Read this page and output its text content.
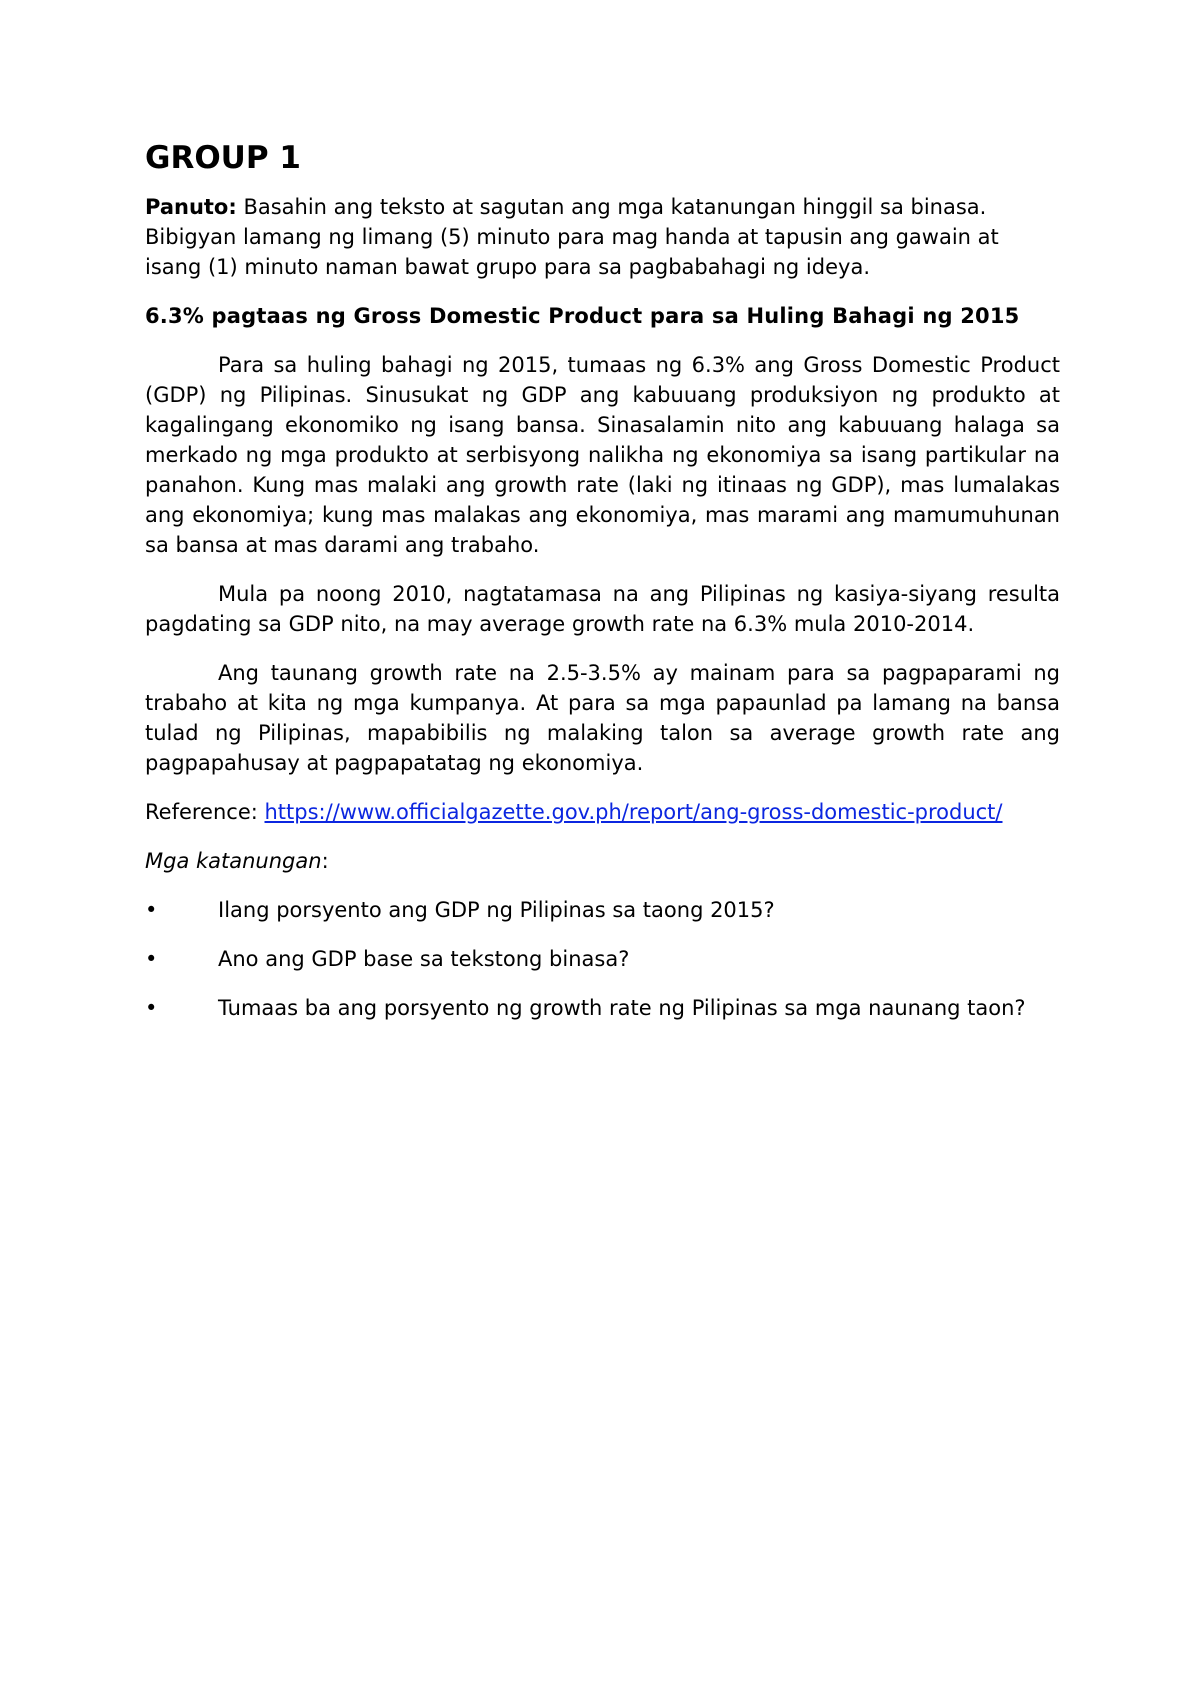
GROUP 1

Panuto: Basahin ang teksto at sagutan ang mga katanungan hinggil sa binasa. Bibigyan lamang ng limang (5) minuto para mag handa at tapusin ang gawain at isang (1) minuto naman bawat grupo para sa pagbabahagi ng ideya.

6.3% pagtaas ng Gross Domestic Product para sa Huling Bahagi ng 2015

Para sa huling bahagi ng 2015, tumaas ng 6.3% ang Gross Domestic Product (GDP) ng Pilipinas. Sinusukat ng GDP ang kabuuang produksiyon ng produkto at kagalingang ekonomiko ng isang bansa. Sinasalamin nito ang kabuuang halaga sa merkado ng mga produkto at serbisyong nalikha ng ekonomiya sa isang partikular na panahon. Kung mas malaki ang growth rate (laki ng itinaas ng GDP), mas lumalakas ang ekonomiya; kung mas malakas ang ekonomiya, mas marami ang mamumuhunan sa bansa at mas darami ang trabaho.

Mula pa noong 2010, nagtatamasa na ang Pilipinas ng kasiya-siyang resulta pagdating sa GDP nito, na may average growth rate na 6.3% mula 2010-2014.

Ang taunang growth rate na 2.5-3.5% ay mainam para sa pagpaparami ng trabaho at kita ng mga kumpanya. At para sa mga papaunlad pa lamang na bansa tulad ng Pilipinas, mapabibilis ng malaking talon sa average growth rate ang pagpapahusay at pagpapatatag ng ekonomiya.

Reference: https://www.officialgazette.gov.ph/report/ang-gross-domestic-product/

Mga katanungan:

•	Ilang porsyento ang GDP ng Pilipinas sa taong 2015?
•	Ano ang GDP base sa tekstong binasa?
•	Tumaas ba ang porsyento ng growth rate ng Pilipinas sa mga naunang taon?
